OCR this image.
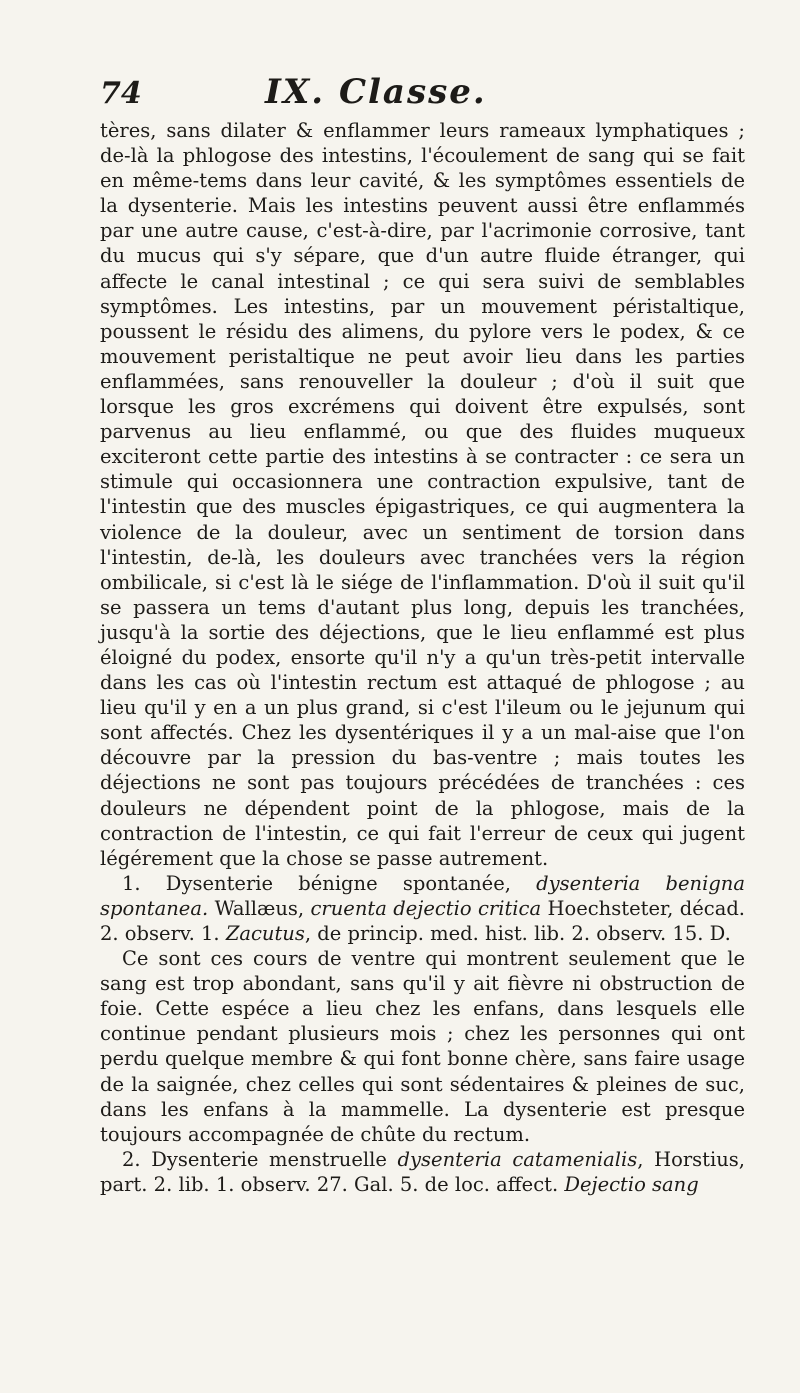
74	IX. Classe.

tères, sans dilater & enflammer leurs rameaux lymphatiques ; de-là la phlogose des intestins, l'écoulement de sang qui se fait en même-tems dans leur cavité, & les symptômes essentiels de la dysenterie. Mais les intestins peuvent aussi être enflammés par une autre cause, c'est-à-dire, par l'acrimonie corrosive, tant du mucus qui s'y sépare, que d'un autre fluide étranger, qui affecte le canal intestinal ; ce qui sera suivi de semblables symptômes. Les intestins, par un mouvement péristaltique, poussent le résidu des alimens, du pylore vers le podex, & ce mouvement peristaltique ne peut avoir lieu dans les parties enflammées, sans renouveller la douleur ; d'où il suit que lorsque les gros excrémens qui doivent être expulsés, sont parvenus au lieu enflammé, ou que des fluides muqueux exciteront cette partie des intestins à se contracter : ce sera un stimule qui occasionnera une contraction expulsive, tant de l'intestin que des muscles épigastriques, ce qui augmentera la violence de la douleur, avec un sentiment de torsion dans l'intestin, de-là, les douleurs avec tranchées vers la région ombilicale, si c'est là le siége de l'inflammation. D'où il suit qu'il se passera un tems d'autant plus long, depuis les tranchées, jusqu'à la sortie des déjections, que le lieu enflammé est plus éloigné du podex, ensorte qu'il n'y a qu'un très-petit intervalle dans les cas où l'intestin rectum est attaqué de phlogose ; au lieu qu'il y en a un plus grand, si c'est l'ileum ou le jejunum qui sont affectés. Chez les dysentériques il y a un mal-aise que l'on découvre par la pression du bas-ventre ; mais toutes les déjections ne sont pas toujours précédées de tranchées : ces douleurs ne dépendent point de la phlogose, mais de la contraction de l'intestin, ce qui fait l'erreur de ceux qui jugent légérement que la chose se passe autrement.

1. Dysenterie bénigne spontanée, dysenteria benigna spontanea. Wallæus, cruenta dejectio critica Hoechsteter, décad. 2. observ. 1. Zacutus, de princip. med. hist. lib. 2. observ. 15. D.

Ce sont ces cours de ventre qui montrent seulement que le sang est trop abondant, sans qu'il y ait fièvre ni obstruction de foie. Cette espéce a lieu chez les enfans, dans lesquels elle continue pendant plusieurs mois ; chez les personnes qui ont perdu quelque membre & qui font bonne chère, sans faire usage de la saignée, chez celles qui sont sédentaires & pleines de suc, dans les enfans à la mammelle. La dysenterie est presque toujours accompagnée de chûte du rectum.

2. Dysenterie menstruelle dysenteria catamenialis, Horstius, part. 2. lib. 1. observ. 27. Gal. 5. de loc. affect. Dejectio sang
